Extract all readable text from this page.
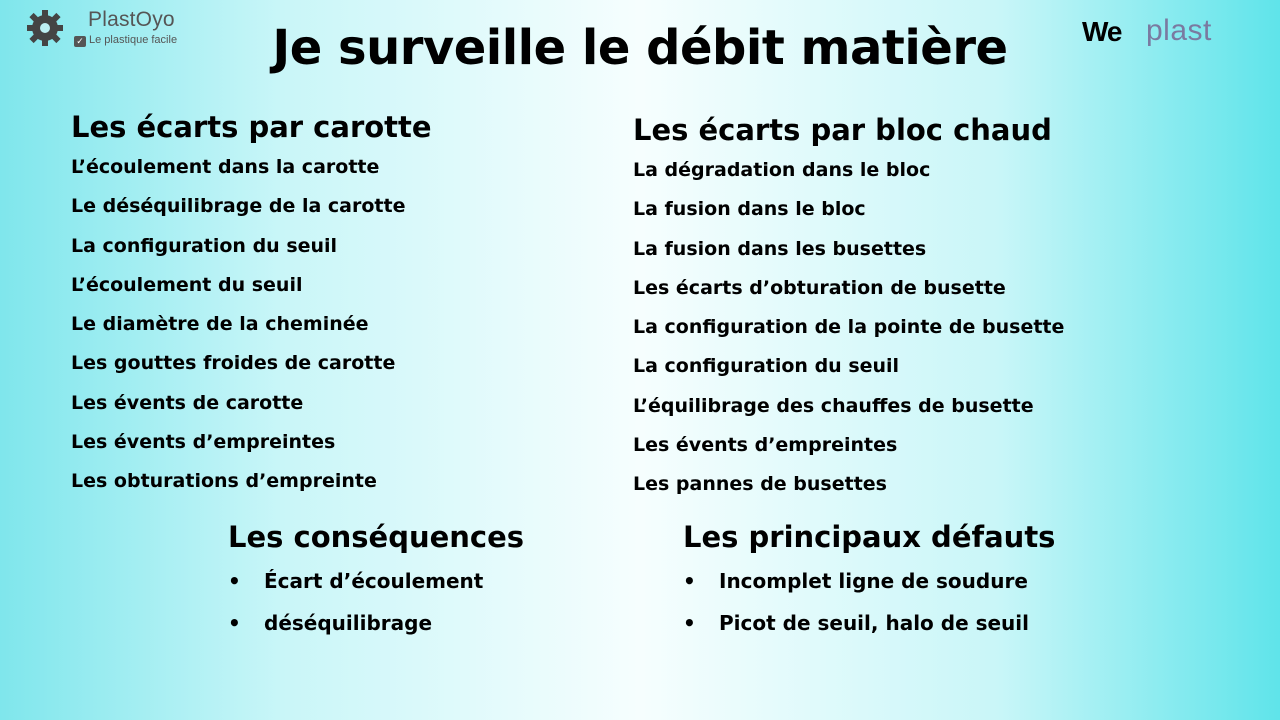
PlastOyo
✓ Le plastique facile	We plast
Je surveille le débit matière
Les écarts par carotte
L’écoulement dans la carotte
Le déséquilibrage de la carotte
La configuration du seuil
L’écoulement du seuil
Le diamètre de la cheminée
Les gouttes froides de carotte
Les évents de carotte
Les évents d’empreintes
Les obturations d’empreinte
Les écarts par bloc chaud
La dégradation dans le bloc
La fusion dans le bloc
La fusion dans les busettes
Les écarts d’obturation de busette
La configuration de la pointe de busette
La configuration du seuil
L’équilibrage des chauffes de busette
Les évents d’empreintes
Les pannes de busettes
Les conséquences
• Écart d’écoulement
• déséquilibrage
Les principaux défauts
• Incomplet ligne de soudure
• Picot de seuil, halo de seuil
